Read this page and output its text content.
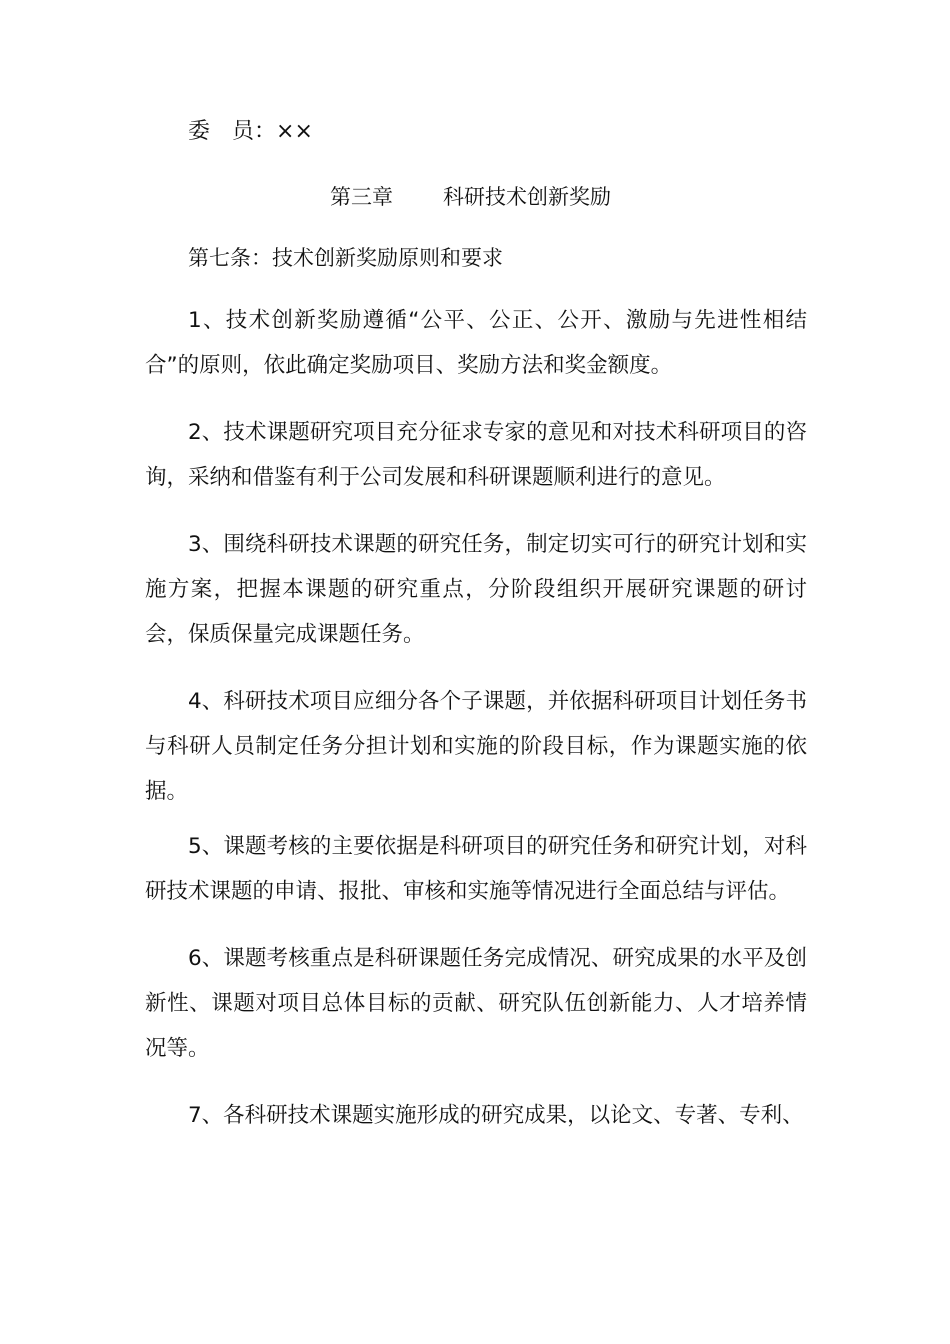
委　员：××
第三章 科研技术创新奖励
第七条：技术创新奖励原则和要求

1、技术创新奖励遵循“公平、公正、公开、激励与先进性相结合”的原则，依此确定奖励项目、奖励方法和奖金额度。

2、技术课题研究项目充分征求专家的意见和对技术科研项目的咨询，采纳和借鉴有利于公司发展和科研课题顺利进行的意见。

3、围绕科研技术课题的研究任务，制定切实可行的研究计划和实施方案，把握本课题的研究重点，分阶段组织开展研究课题的研讨会，保质保量完成课题任务。

4、科研技术项目应细分各个子课题，并依据科研项目计划任务书与科研人员制定任务分担计划和实施的阶段目标，作为课题实施的依据。

5、课题考核的主要依据是科研项目的研究任务和研究计划，对科研技术课题的申请、报批、审核和实施等情况进行全面总结与评估。

6、课题考核重点是科研课题任务完成情况、研究成果的水平及创新性、课题对项目总体目标的贡献、研究队伍创新能力、人才培养情况等。

7、各科研技术课题实施形成的研究成果，以论文、专著、专利、
